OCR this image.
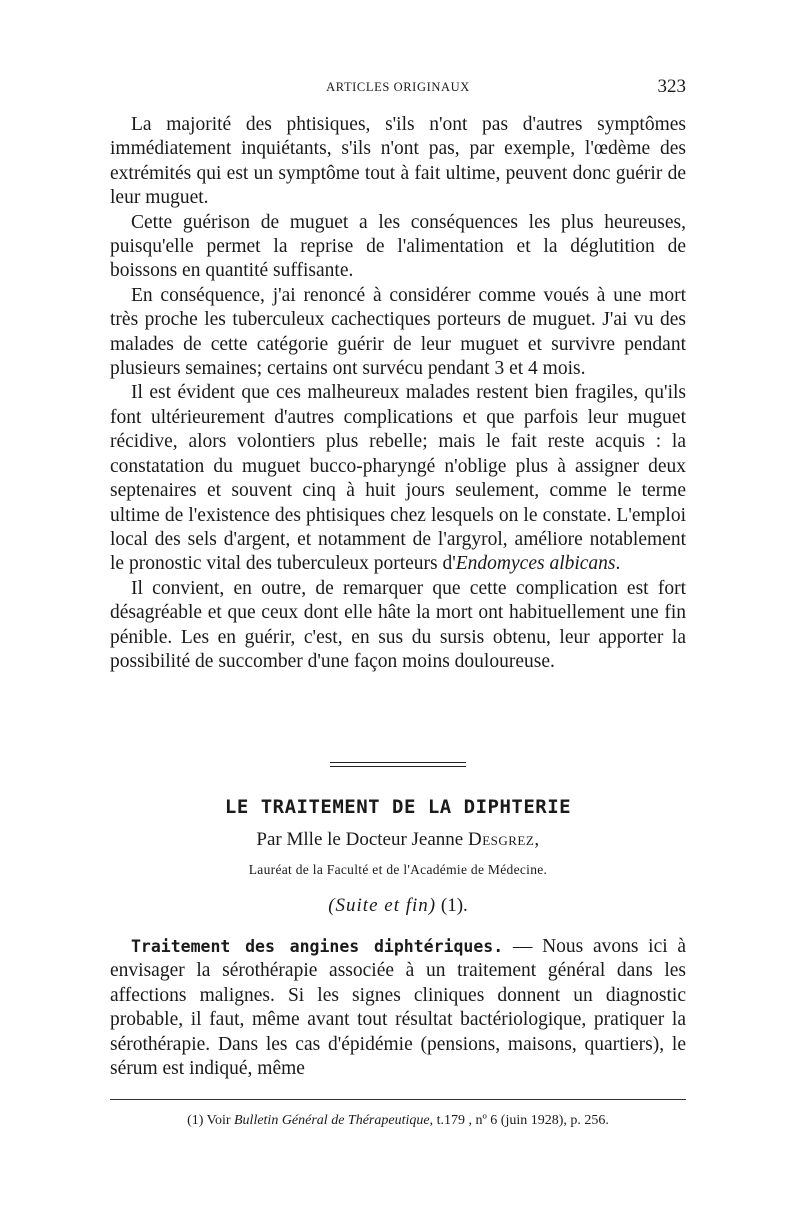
ARTICLES ORIGINAUX	323

La majorité des phtisiques, s'ils n'ont pas d'autres symptômes immédiatement inquiétants, s'ils n'ont pas, par exemple, l'œdème des extrémités qui est un symptôme tout à fait ultime, peuvent donc guérir de leur muguet.

Cette guérison de muguet a les conséquences les plus heureuses, puisqu'elle permet la reprise de l'alimentation et la déglutition de boissons en quantité suffisante.

En conséquence, j'ai renoncé à considérer comme voués à une mort très proche les tuberculeux cachectiques porteurs de muguet. J'ai vu des malades de cette catégorie guérir de leur muguet et survivre pendant plusieurs semaines; certains ont survécu pendant 3 et 4 mois.

Il est évident que ces malheureux malades restent bien fragiles, qu'ils font ultérieurement d'autres complications et que parfois leur muguet récidive, alors volontiers plus rebelle; mais le fait reste acquis : la constatation du muguet bucco-pharyngé n'oblige plus à assigner deux septenaires et souvent cinq à huit jours seulement, comme le terme ultime de l'existence des phtisiques chez lesquels on le constate. L'emploi local des sels d'argent, et notamment de l'argyrol, améliore notablement le pronostic vital des tuberculeux porteurs d'Endomyces albicans.

Il convient, en outre, de remarquer que cette complication est fort désagréable et que ceux dont elle hâte la mort ont habituellement une fin pénible. Les en guérir, c'est, en sus du sursis obtenu, leur apporter la possibilité de succomber d'une façon moins douloureuse.

LE TRAITEMENT DE LA DIPHTERIE
Par Mlle le Docteur Jeanne Desgrez,
Lauréat de la Faculté et de l'Académie de Médecine.
(Suite et fin) (1).

Traitement des angines diphtériques. — Nous avons ici à envisager la sérothérapie associée à un traitement général dans les affections malignes. Si les signes cliniques donnent un diagnostic probable, il faut, même avant tout résultat bactériologique, pratiquer la sérothérapie. Dans les cas d'épidémie (pensions, maisons, quartiers), le sérum est indiqué, même

(1) Voir Bulletin Général de Thérapeutique, t.179 , nº 6 (juin 1928), p. 256.
